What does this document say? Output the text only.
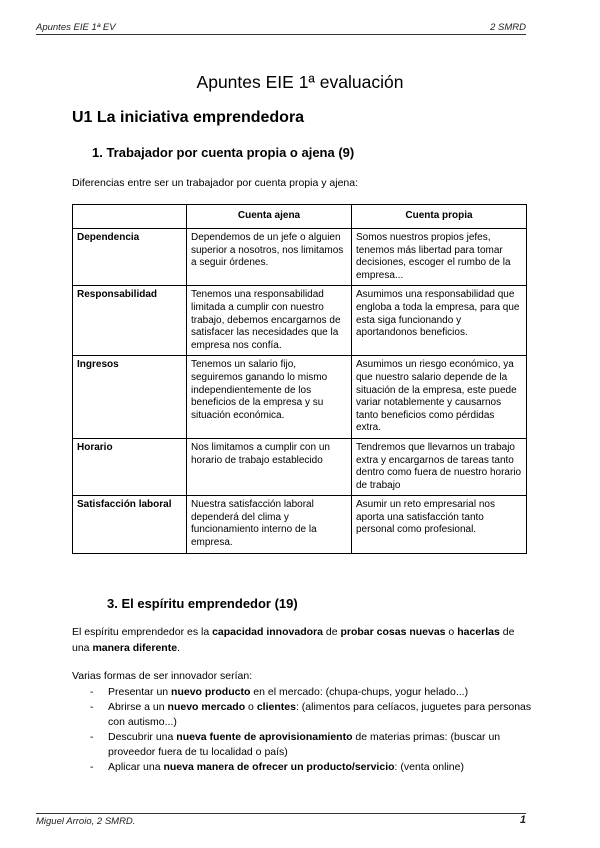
Apuntes EIE 1ª EV	2 SMRD
Apuntes EIE 1ª evaluación
U1 La iniciativa emprendedora
1. Trabajador por cuenta propia o ajena (9)
Diferencias entre ser un trabajador por cuenta propia y ajena:
	Cuenta ajena	Cuenta propia
Dependencia	Dependemos de un jefe o alguien superior a nosotros, nos limitamos a seguir órdenes.	Somos nuestros propios jefes, tenemos más libertad para tomar decisiones, escoger el rumbo de la empresa...
Responsabilidad	Tenemos una responsabilidad limitada a cumplir con nuestro trabajo, debemos encargarnos de satisfacer las necesidades que la empresa nos confía.	Asumimos una responsabilidad que engloba a toda la empresa, para que esta siga funcionando y aportandonos beneficios.
Ingresos	Tenemos un salario fijo, seguiremos ganando lo mismo independientemente de los beneficios de la empresa y su situación económica.	Asumimos un riesgo económico, ya que nuestro salario depende de la situación de la empresa, este puede variar notablemente y causarnos tanto beneficios como pérdidas extra.
Horario	Nos limitamos a cumplir con un horario de trabajo establecido	Tendremos que llevarnos un trabajo extra y encargarnos de tareas tanto dentro como fuera de nuestro horario de trabajo
Satisfacción laboral	Nuestra satisfacción laboral dependerá del clima y funcionamiento interno de la empresa.	Asumir un reto empresarial nos aporta una satisfacción tanto personal como profesional.
3. El espíritu emprendedor (19)
El espíritu emprendedor es la capacidad innovadora de probar cosas nuevas o hacerlas de una manera diferente.
Varias formas de ser innovador serían:
- Presentar un nuevo producto en el mercado: (chupa-chups, yogur helado...)
- Abrirse a un nuevo mercado o clientes: (alimentos para celíacos, juguetes para personas con autismo...)
- Descubrir una nueva fuente de aprovisionamiento de materias primas: (buscar un proveedor fuera de tu localidad o país)
- Aplicar una nueva manera de ofrecer un producto/servicio: (venta online)
Miguel Arroio, 2 SMRD.	1
